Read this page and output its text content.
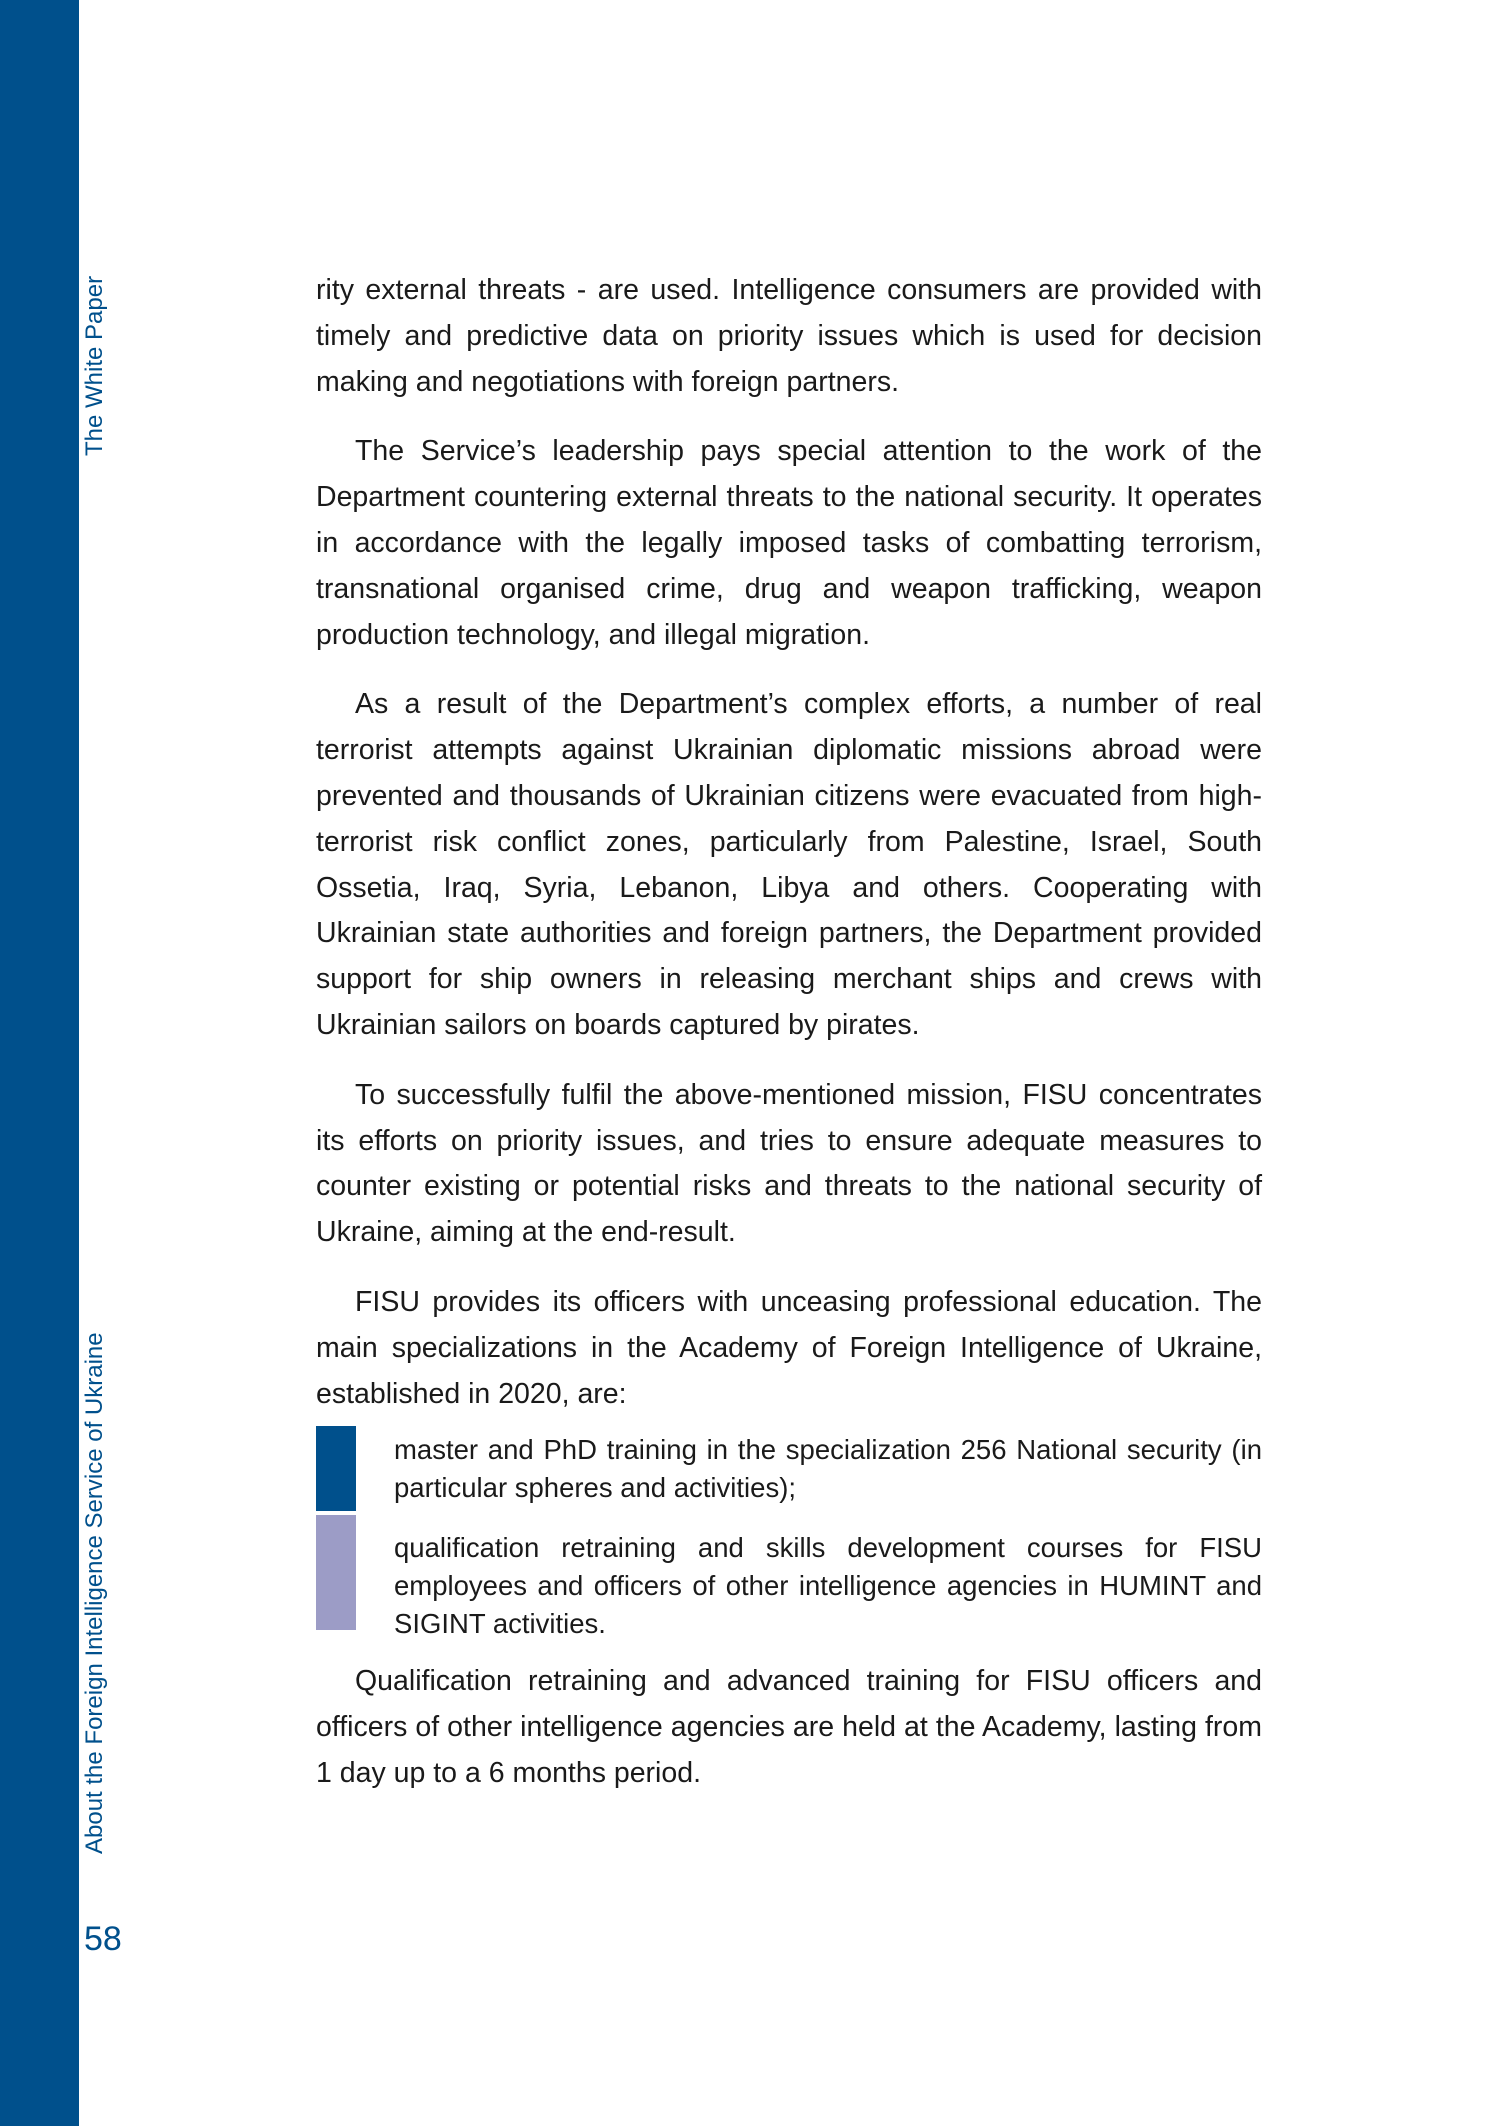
The White Paper
About the Foreign Intelligence Service of Ukraine
58

rity external threats - are used. Intelligence consumers are provided with timely and predictive data on priority issues which is used for decision making and negotiations with foreign partners.

The Service’s leadership pays special attention to the work of the Department countering external threats to the national security. It operates in accordance with the legally imposed tasks of combatting terrorism, transnational organised crime, drug and weapon trafficking, weapon production technology, and illegal migration.

As a result of the Department’s complex efforts, a number of real terrorist attempts against Ukrainian diplomatic missions abroad were prevented and thousands of Ukrainian citizens were evacuated from high-terrorist risk conflict zones, particularly from Palestine, Israel, South Ossetia, Iraq, Syria, Lebanon, Libya and others. Cooperating with Ukrainian state authorities and foreign partners, the Department provided support for ship owners in releasing merchant ships and crews with Ukrainian sailors on boards captured by pirates.

To successfully fulfil the above-mentioned mission, FISU concentrates its efforts on priority issues, and tries to ensure adequate measures to counter existing or potential risks and threats to the national security of Ukraine, aiming at the end-result.

FISU provides its officers with unceasing professional education. The main specializations in the Academy of Foreign Intelligence of Ukraine, established in 2020, are:

master and PhD training in the specialization 256 National security (in particular spheres and activities);

qualification retraining and skills development courses for FISU employees and officers of other intelligence agencies in HUMINT and SIGINT activities.

Qualification retraining and advanced training for FISU officers and officers of other intelligence agencies are held at the Academy, lasting from 1 day up to a 6 months period.
